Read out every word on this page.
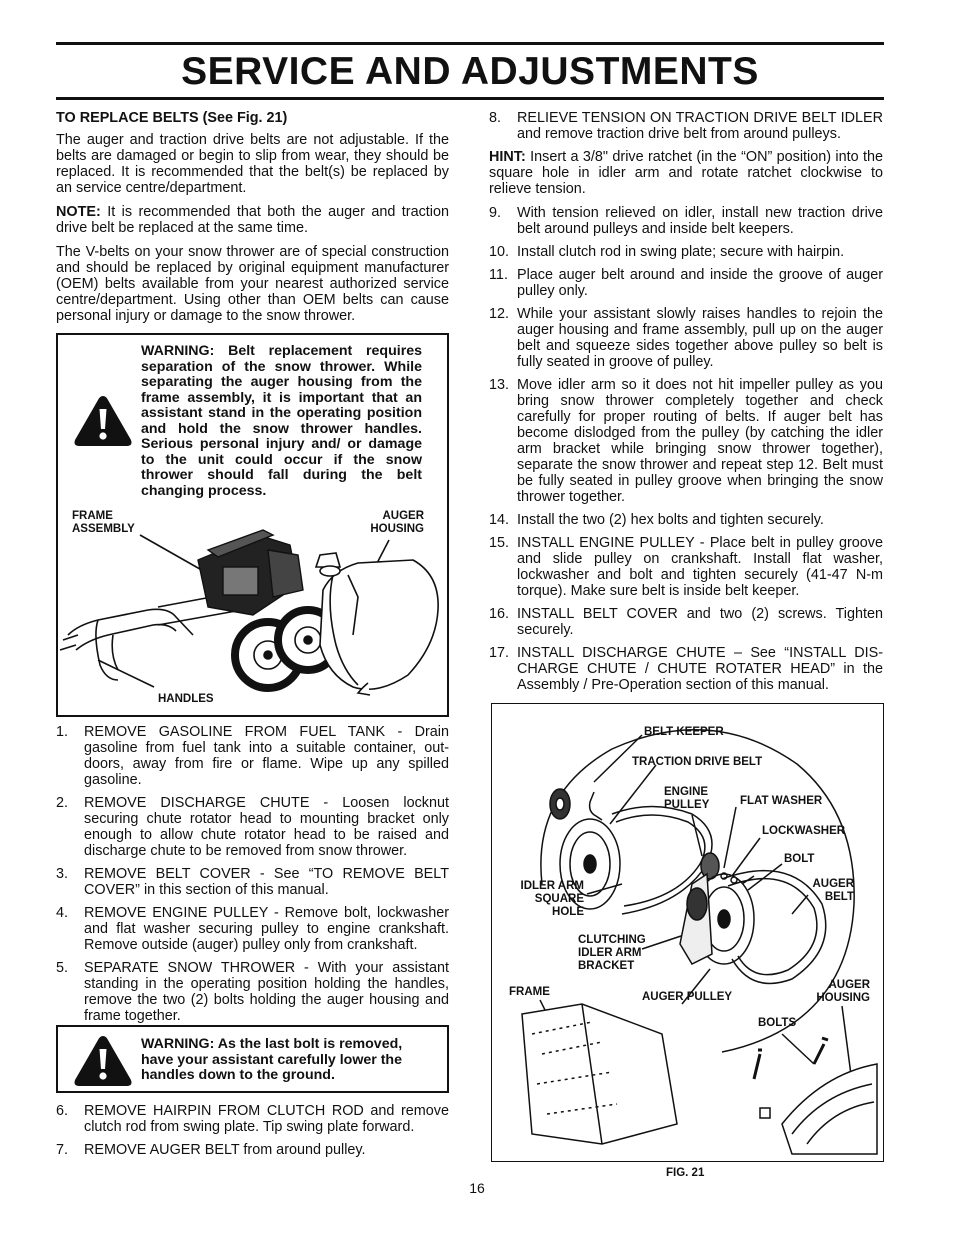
SERVICE AND ADJUSTMENTS

TO REPLACE BELTS (See Fig. 21)

The auger and traction drive belts are not adjustable. If the belts are damaged or begin to slip from wear, they should be replaced. It is recommended that the belt(s) be replaced by an service centre/department.

NOTE: It is recommended that both the auger and traction drive belt be replaced at the same time.

The V-belts on your snow thrower are of special construction and should be replaced by original equipment manufacturer (OEM) belts available from your nearest authorized service centre/department. Using other than OEM belts can cause personal injury or damage to the snow thrower.

WARNING: Belt replacement requires separation of the snow thrower. While separating the auger housing from the frame assembly, it is important that an assistant stand in the operating position and hold the snow thrower handles. Serious personal injury and/ or damage to the unit could occur if the snow thrower should fall during the belt changing process.
FRAME
ASSEMBLY
AUGER
HOUSING
HANDLES
1. REMOVE GASOLINE FROM FUEL TANK - Drain gasoline from fuel tank into a suitable container, out-doors, away from fire or flame. Wipe up any spilled gasoline.
2. REMOVE DISCHARGE CHUTE - Loosen locknut securing chute rotator head to mounting bracket only enough to allow chute rotator head to be raised and discharge chute to be removed from snow thrower.
3. REMOVE BELT COVER - See “TO REMOVE BELT COVER” in this section of this manual.
4. REMOVE ENGINE PULLEY - Remove bolt, lockwasher and flat washer securing pulley to engine crankshaft. Remove outside (auger) pulley only from crankshaft.
5. SEPARATE SNOW THROWER - With your assistant standing in the operating position holding the handles, remove the two (2) bolts holding the auger housing and frame together.
WARNING: As the last bolt is removed, have your assistant carefully lower the handles down to the ground.
6. REMOVE HAIRPIN FROM CLUTCH ROD and remove clutch rod from swing plate. Tip swing plate forward.
7. REMOVE AUGER BELT from around pulley.
8. RELIEVE TENSION ON TRACTION DRIVE BELT IDLER and remove traction drive belt from around pulleys.

HINT: Insert a 3/8" drive ratchet (in the “ON” position) into the square hole in idler arm and rotate ratchet clockwise to relieve tension.

9. With tension relieved on idler, install new traction drive belt around pulleys and inside belt keepers.
10. Install clutch rod in swing plate; secure with hairpin.
11. Place auger belt around and inside the groove of auger pulley only.
12. While your assistant slowly raises handles to rejoin the auger housing and frame assembly, pull up on the auger belt and squeeze sides together above pulley so belt is fully seated in groove of pulley.
13. Move idler arm so it does not hit impeller pulley as you bring snow thrower completely together and check carefully for proper routing of belts. If auger belt has become dislodged from the pulley (by catching the idler arm bracket while bringing snow thrower together), separate the snow thrower and repeat step 12. Belt must be fully seated in pulley groove when bringing the snow thrower together.
14. Install the two (2) hex bolts and tighten securely.
15. INSTALL ENGINE PULLEY - Place belt in pulley groove and slide pulley on crankshaft. Install flat washer, lockwasher and bolt and tighten securely (41-47 N-m torque). Make sure belt is inside belt keeper.
16. INSTALL BELT COVER and two (2) screws. Tighten securely.
17. INSTALL DISCHARGE CHUTE – See “INSTALL DIS-CHARGE CHUTE / CHUTE ROTATER HEAD” in the Assembly / Pre-Operation section of this manual.
BELT KEEPER
TRACTION DRIVE BELT
ENGINE
PULLEY	FLAT WASHER
LOCKWASHER
BOLT
AUGER
BELT
IDLER ARM
SQUARE
HOLE
CLUTCHING
IDLER ARM
BRACKET
FRAME	AUGER PULLEY
AUGER
HOUSING
BOLTS
FIG. 21
16
